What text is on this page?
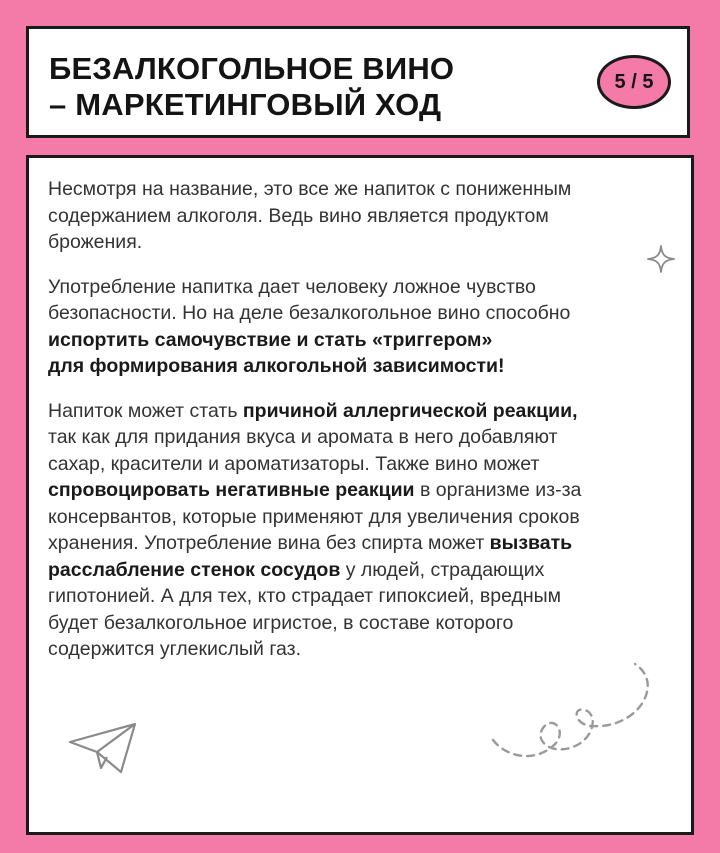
БЕЗАЛКОГОЛЬНОЕ ВИНО
– МАРКЕТИНГОВЫЙ ХОД
5 / 5

Несмотря на название, это все же напиток с пониженным
содержанием алкоголя. Ведь вино является продуктом
брожения.

Употребление напитка дает человеку ложное чувство
безопасности. Но на деле безалкогольное вино способно
испортить самочувствие и стать «триггером»
для формирования алкогольной зависимости!

Напиток может стать причиной аллергической реакции,
так как для придания вкуса и аромата в него добавляют
сахар, красители и ароматизаторы. Также вино может
спровоцировать негативные реакции в организме из-за
консервантов, которые применяют для увеличения сроков
хранения. Употребление вина без спирта может вызвать
расслабление стенок сосудов у людей, страдающих
гипотонией. А для тех, кто страдает гипоксией, вредным
будет безалкогольное игристое, в составе которого
содержится углекислый газ.
